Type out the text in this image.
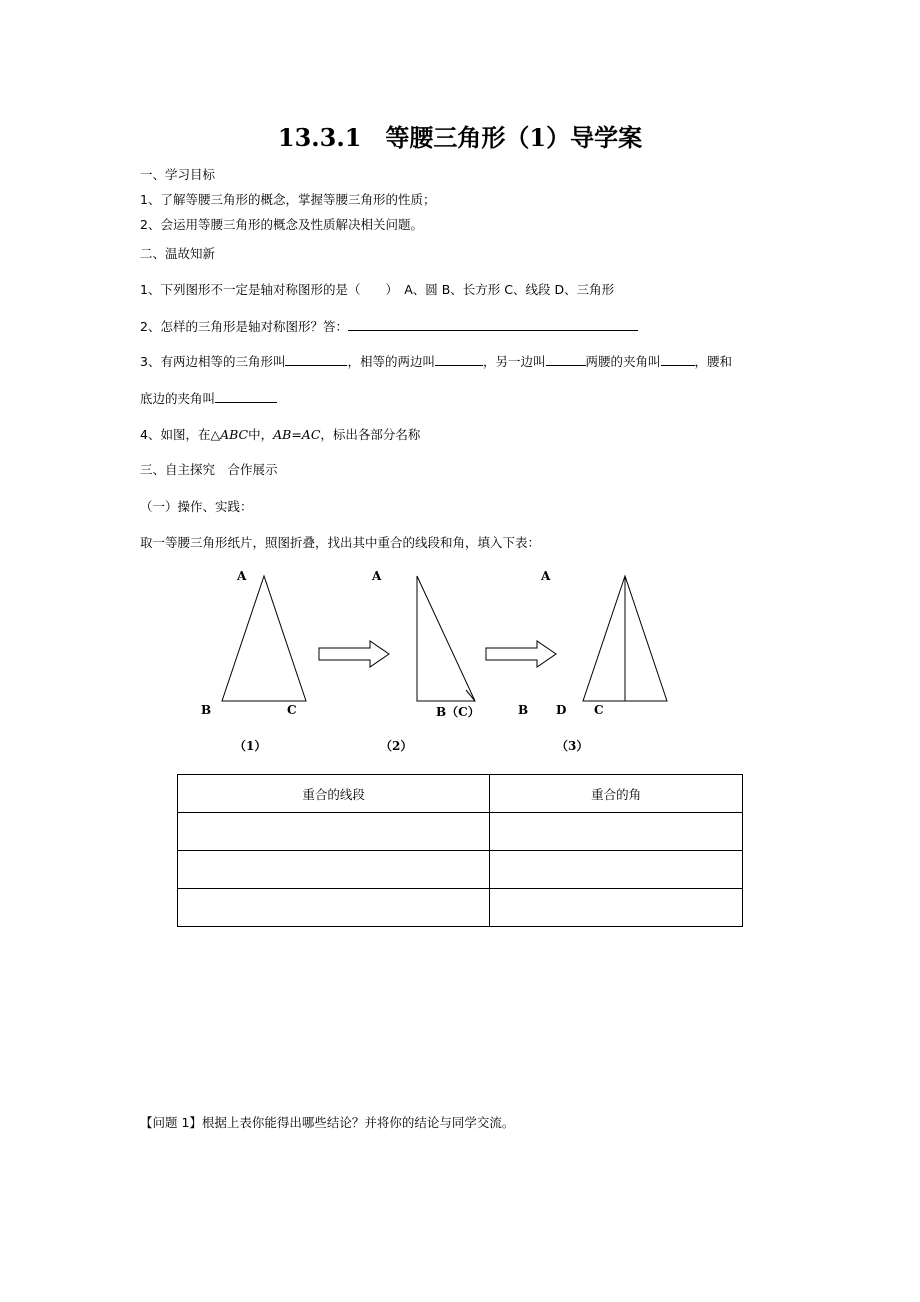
13.3.1　等腰三角形（1）导学案
一、学习目标
1、了解等腰三角形的概念，掌握等腰三角形的性质；
2、会运用等腰三角形的概念及性质解决相关问题。
二、温故知新
1、下列图形不一定是轴对称图形的是（　　）　A、圆 B、长方形 C、线段 D、三角形
2、怎样的三角形是轴对称图形？答：
3、有两边相等的三角形叫	，相等的两边叫	，另一边叫	两腰的夹角叫	，腰和
底边的夹角叫
4、如图，在△ABC中，AB=AC，标出各部分名称
三、自主探究　合作展示
（一）操作、实践：
取一等腰三角形纸片，照图折叠，找出其中重合的线段和角，填入下表：
A
B	C
（1）
A
B（C）
（2）
A
B D C
（3）
重合的线段	重合的角

【问题 1】根据上表你能得出哪些结论？并将你的结论与同学交流。
